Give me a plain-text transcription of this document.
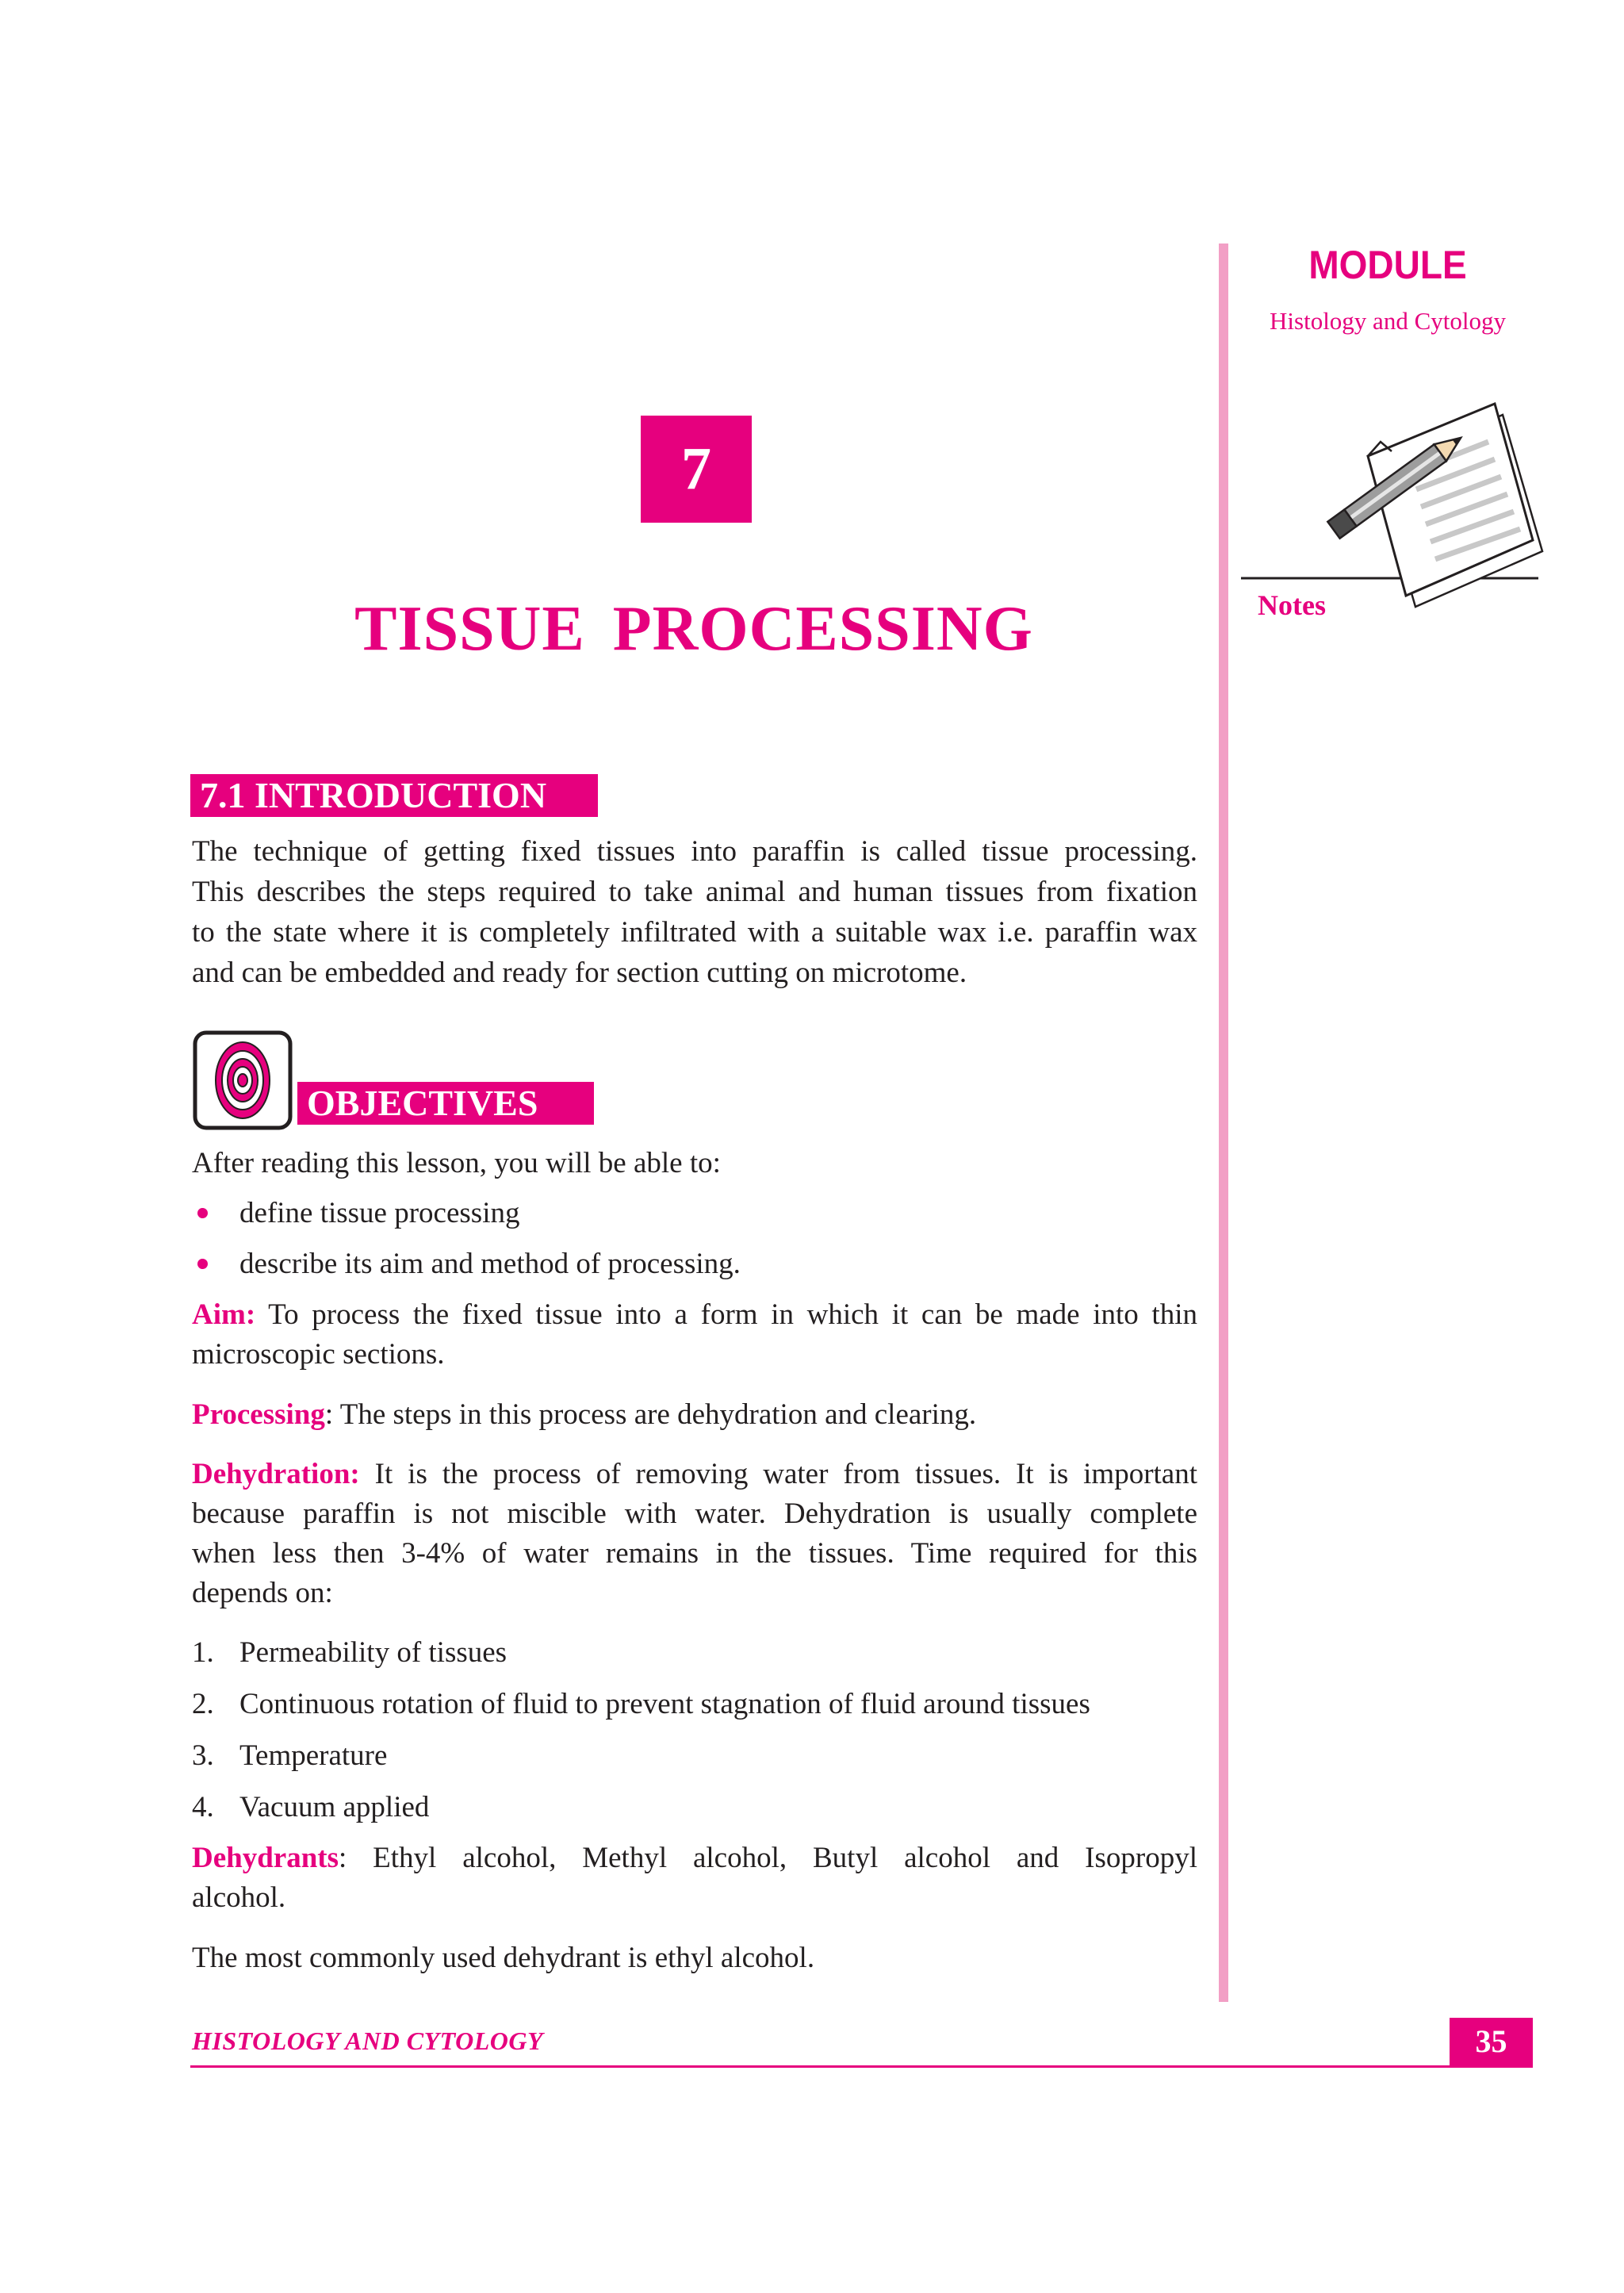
MODULE
Histology and Cytology
Notes
7
TISSUE PROCESSING
7.1 INTRODUCTION
The technique of getting fixed tissues into paraffin is called tissue processing.
This describes the steps required to take animal and human tissues from fixation
to the state where it is completely infiltrated with a suitable wax i.e. paraffin wax
and can be embedded and ready for section cutting on microtome.
OBJECTIVES
After reading this lesson, you will be able to:
define tissue processing
describe its aim and method of processing.
Aim: To process the fixed tissue into a form in which it can be made into thin
microscopic sections.
Processing: The steps in this process are dehydration and clearing.
Dehydration: It is the process of removing water from tissues. It is important
because paraffin is not miscible with water. Dehydration is usually complete
when less then 3-4% of water remains in the tissues. Time required for this
depends on:
1. Permeability of tissues
2. Continuous rotation of fluid to prevent stagnation of fluid around tissues
3. Temperature
4. Vacuum applied
Dehydrants: Ethyl alcohol, Methyl alcohol, Butyl alcohol and Isopropyl
alcohol.
The most commonly used dehydrant is ethyl alcohol.
HISTOLOGY AND CYTOLOGY	35
